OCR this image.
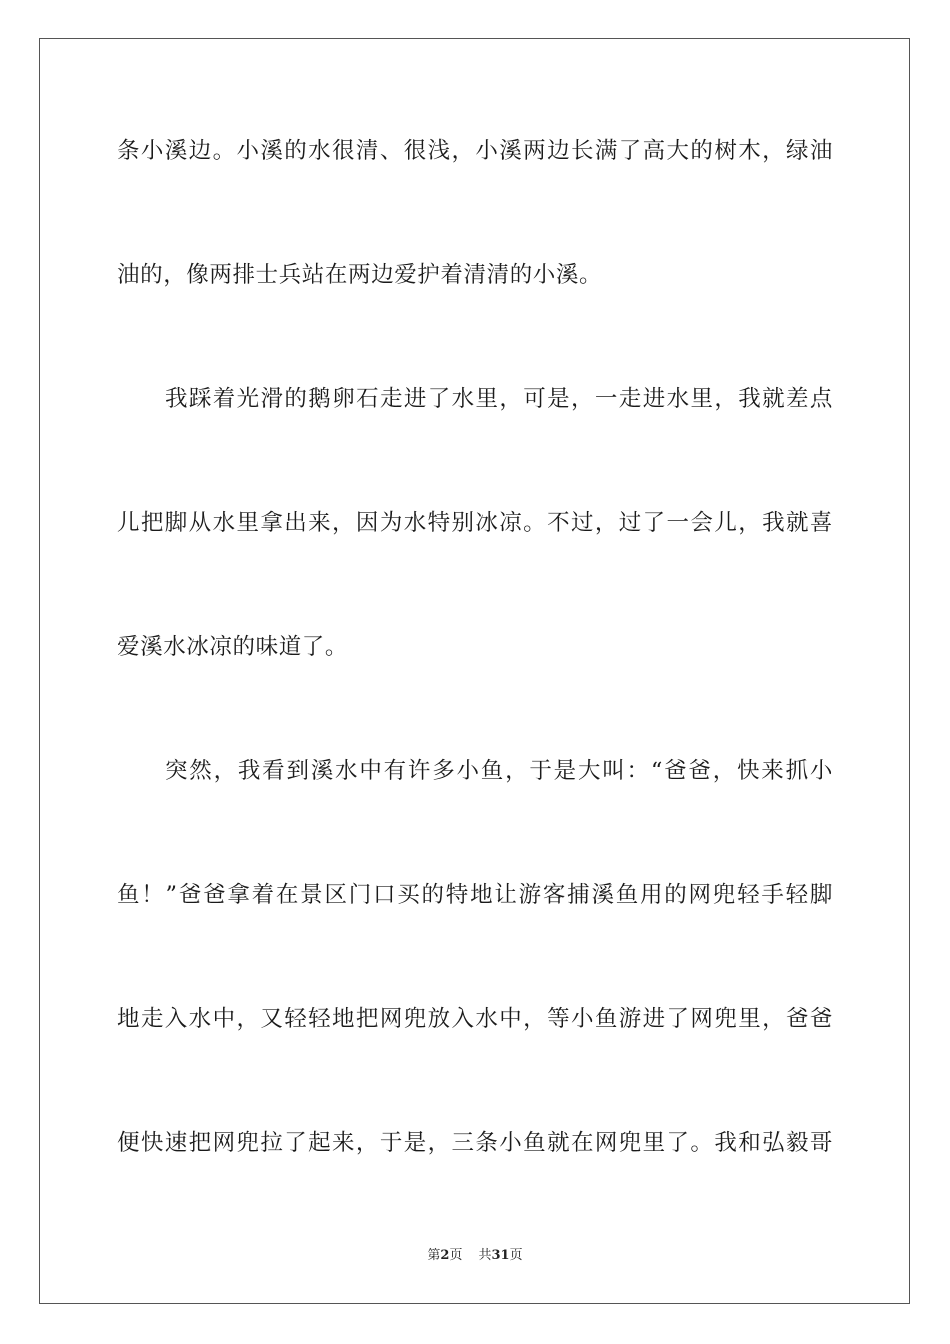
条小溪边。小溪的水很清、很浅，小溪两边长满了高大的树木，绿油
油的，像两排士兵站在两边爱护着清清的小溪。
我踩着光滑的鹅卵石走进了水里，可是，一走进水里，我就差点
儿把脚从水里拿出来，因为水特别冰凉。不过，过了一会儿，我就喜
爱溪水冰凉的味道了。
突然，我看到溪水中有许多小鱼，于是大叫：“爸爸，快来抓小
鱼！”爸爸拿着在景区门口买的特地让游客捕溪鱼用的网兜轻手轻脚
地走入水中，又轻轻地把网兜放入水中，等小鱼游进了网兜里，爸爸
便快速把网兜拉了起来，于是，三条小鱼就在网兜里了。我和弘毅哥
第2页 共31页
